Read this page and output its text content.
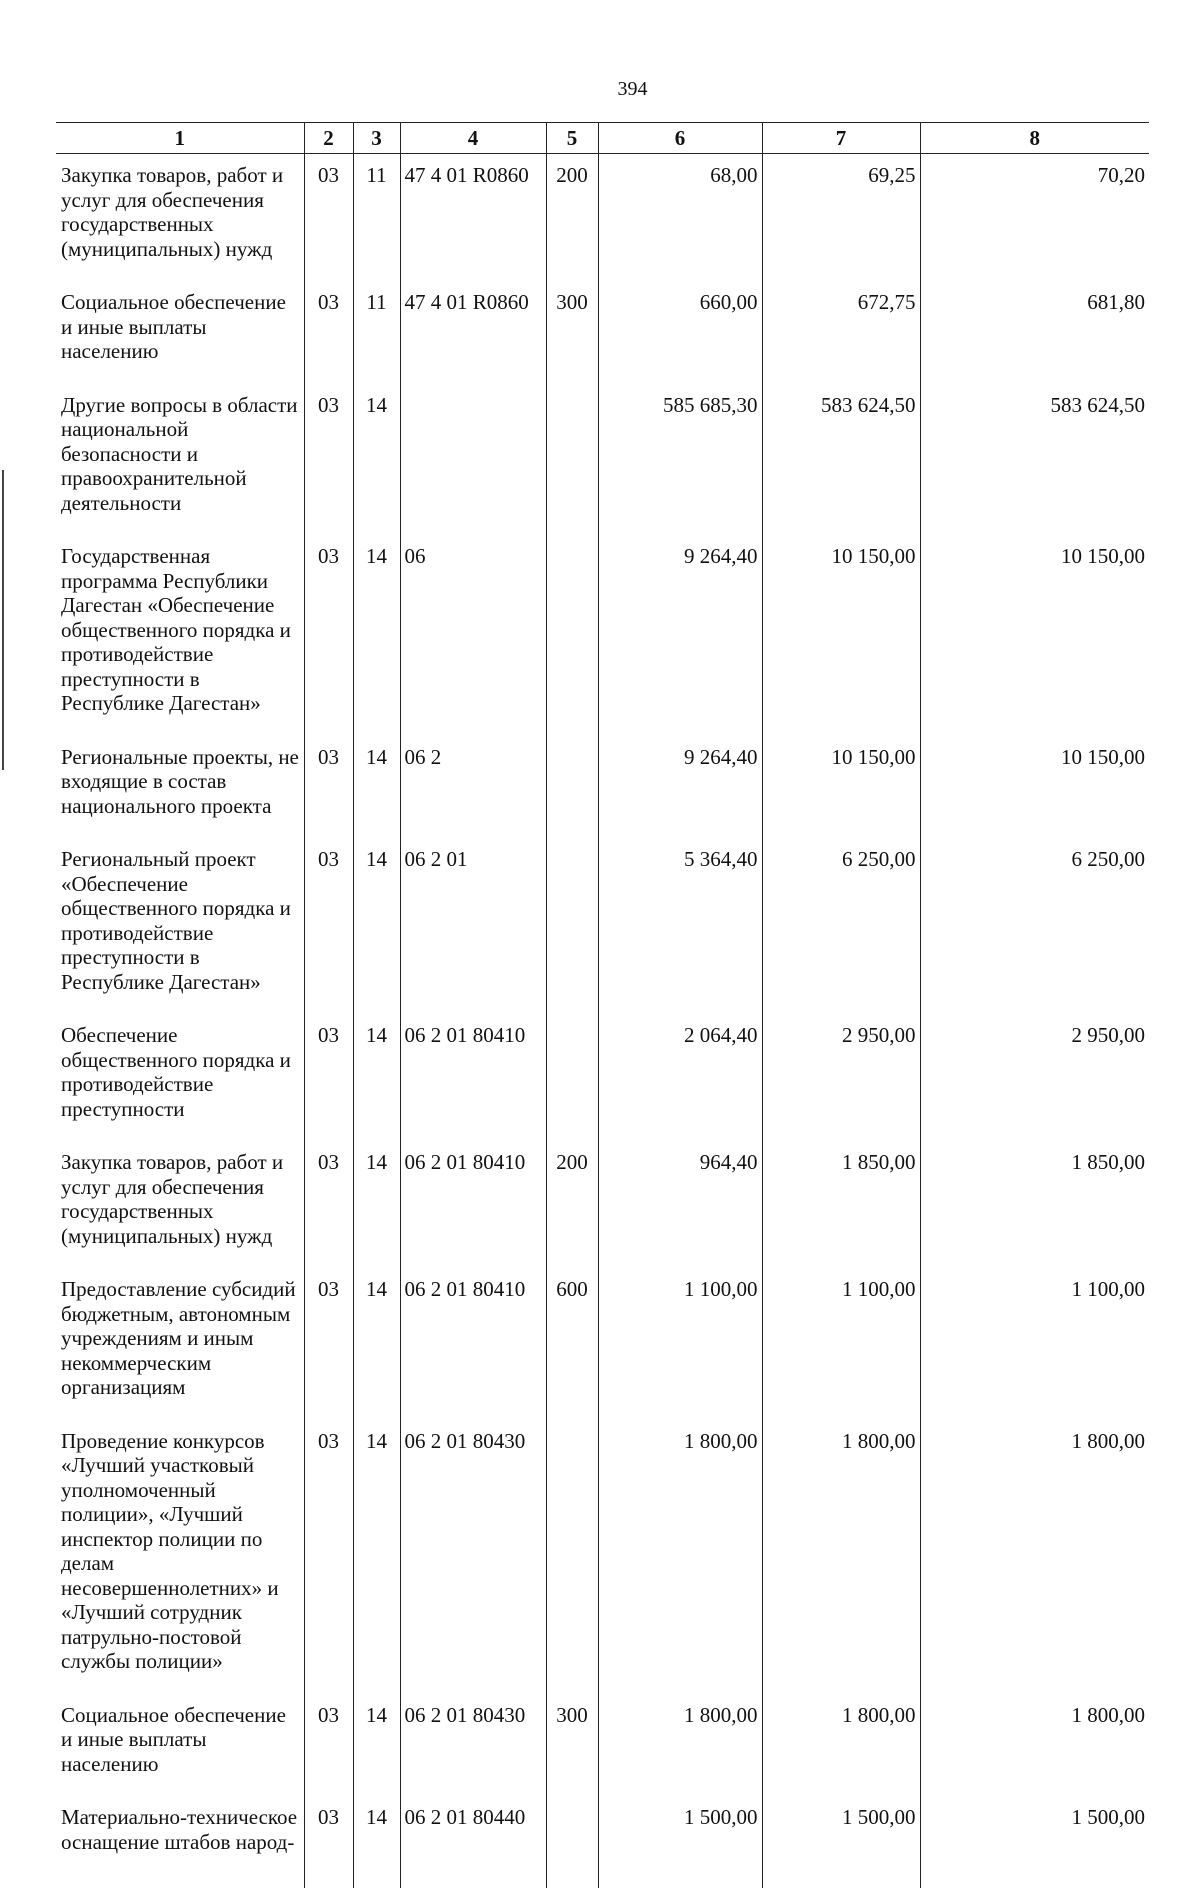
394
1	2	3	4	5	6	7	8
Закупка товаров, работ и услуг для обеспечения государственных (муниципальных) нужд	03	11	47 4 01 R0860	200	68,00	69,25	70,20
Социальное обеспечение и иные выплаты населению	03	11	47 4 01 R0860	300	660,00	672,75	681,80
Другие вопросы в области национальной безопасности и правоохранительной деятельности	03	14			585 685,30	583 624,50	583 624,50
Государственная программа Республики Дагестан «Обеспечение общественного порядка и противодействие преступности в Республике Дагестан»	03	14	06		9 264,40	10 150,00	10 150,00
Региональные проекты, не входящие в состав национального проекта	03	14	06 2		9 264,40	10 150,00	10 150,00
Региональный проект «Обеспечение общественного порядка и противодействие преступности в Республике Дагестан»	03	14	06 2 01		5 364,40	6 250,00	6 250,00
Обеспечение общественного порядка и противодействие преступности	03	14	06 2 01 80410		2 064,40	2 950,00	2 950,00
Закупка товаров, работ и услуг для обеспечения государственных (муниципальных) нужд	03	14	06 2 01 80410	200	964,40	1 850,00	1 850,00
Предоставление субсидий бюджетным, автономным учреждениям и иным некоммерческим организациям	03	14	06 2 01 80410	600	1 100,00	1 100,00	1 100,00
Проведение конкурсов «Лучший участковый уполномоченный полиции», «Лучший инспектор полиции по делам несовершеннолетних» и «Лучший сотрудник патрульно-постовой службы полиции»	03	14	06 2 01 80430		1 800,00	1 800,00	1 800,00
Социальное обеспечение и иные выплаты населению	03	14	06 2 01 80430	300	1 800,00	1 800,00	1 800,00
Материально-техническое оснащение штабов народ-	03	14	06 2 01 80440		1 500,00	1 500,00	1 500,00
